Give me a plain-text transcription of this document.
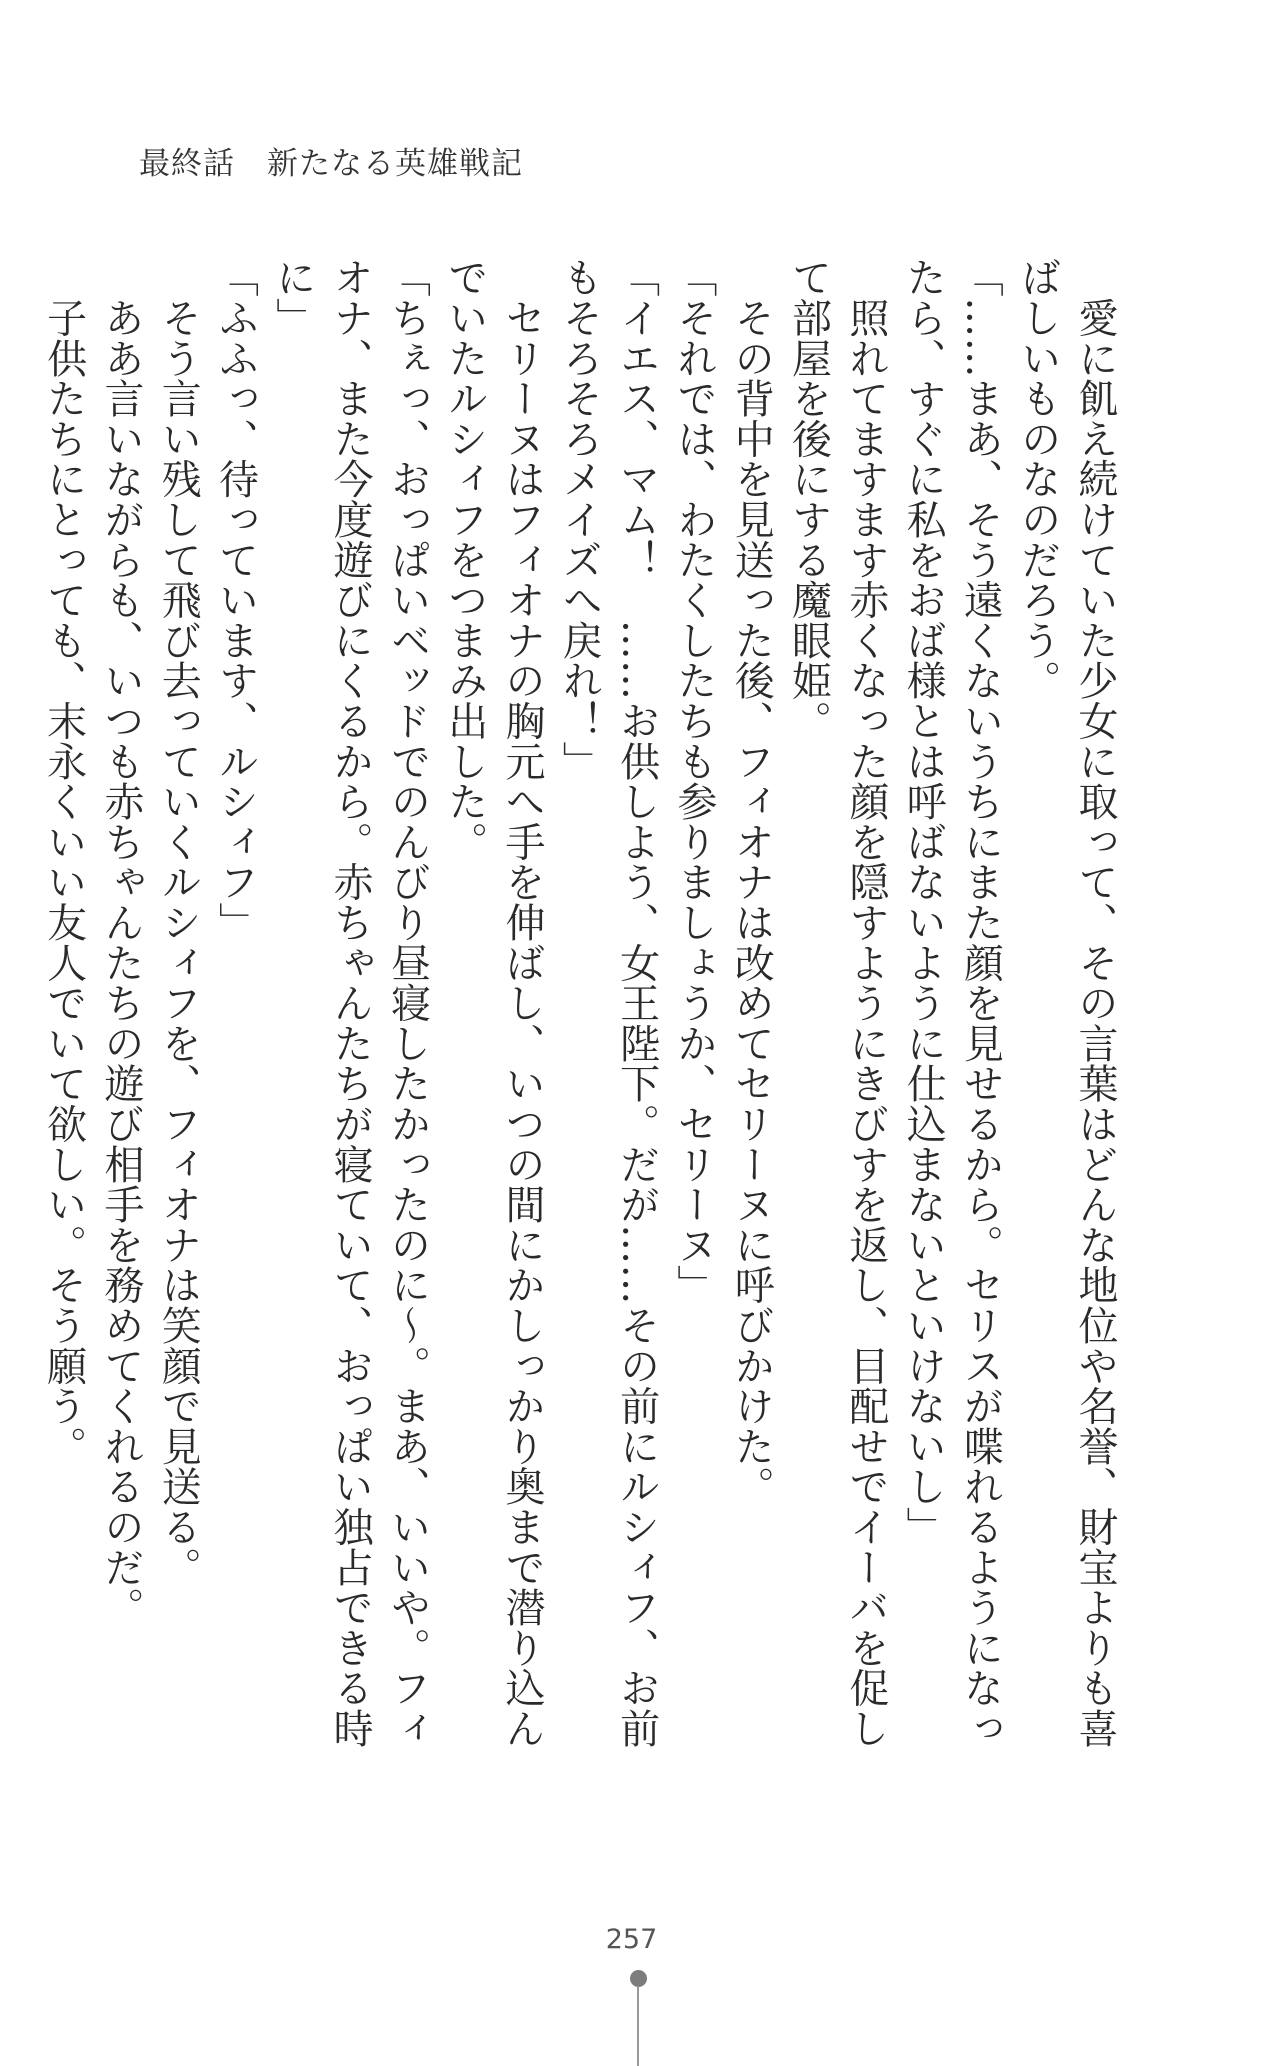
最終話　新たなる英雄戦記

　愛に飢え続けていた少女に取って、その言葉はどんな地位や名誉、財宝よりも喜ばしいものなのだろう。

「……まあ、そう遠くないうちにまた顔を見せるから。セリスが喋れるようになったら、すぐに私をおば様とは呼ばないように仕込まないといけないし」

　照れてますます赤くなった顔を隠すようにきびすを返し、目配せでイーバを促して部屋を後にする魔眼姫。

　その背中を見送った後、フィオナは改めてセリーヌに呼びかけた。

「それでは、わたくしたちも参りましょうか、セリーヌ」

「イエス、マム！　……お供しよう、女王陛下。だが……その前にルシィフ、お前もそろそろメイズへ戻れ！」

　セリーヌはフィオナの胸元へ手を伸ばし、いつの間にかしっかり奥まで潜り込んでいたルシィフをつまみ出した。

「ちぇっ、おっぱいベッドでのんびり昼寝したかったのに〜。まあ、いいや。フィオナ、また今度遊びにくるから。赤ちゃんたちが寝ていて、おっぱい独占できる時に」

「ふふっ、待っています、ルシィフ」

　そう言い残して飛び去っていくルシィフを、フィオナは笑顔で見送る。

　ああ言いながらも、いつも赤ちゃんたちの遊び相手を務めてくれるのだ。

　子供たちにとっても、末永くいい友人でいて欲しい。そう願う。

257
